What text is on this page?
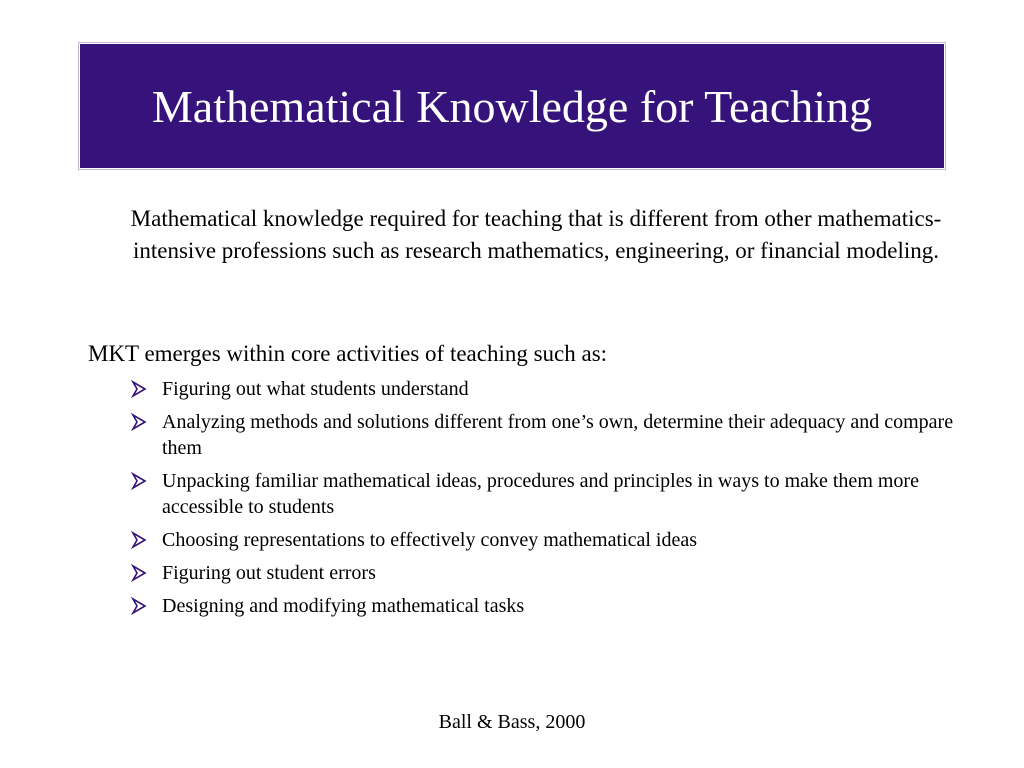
Mathematical Knowledge for Teaching
Mathematical knowledge required for teaching that is different from other mathematics-intensive professions such as research mathematics, engineering, or financial modeling.
MKT emerges within core activities of teaching such as:
Figuring out what students understand
Analyzing methods and solutions different from one’s own, determine their adequacy and compare them
Unpacking familiar mathematical ideas, procedures and principles in ways to make them more accessible to students
Choosing representations to effectively convey mathematical ideas
Figuring out student errors
Designing and modifying mathematical tasks
Ball & Bass, 2000
